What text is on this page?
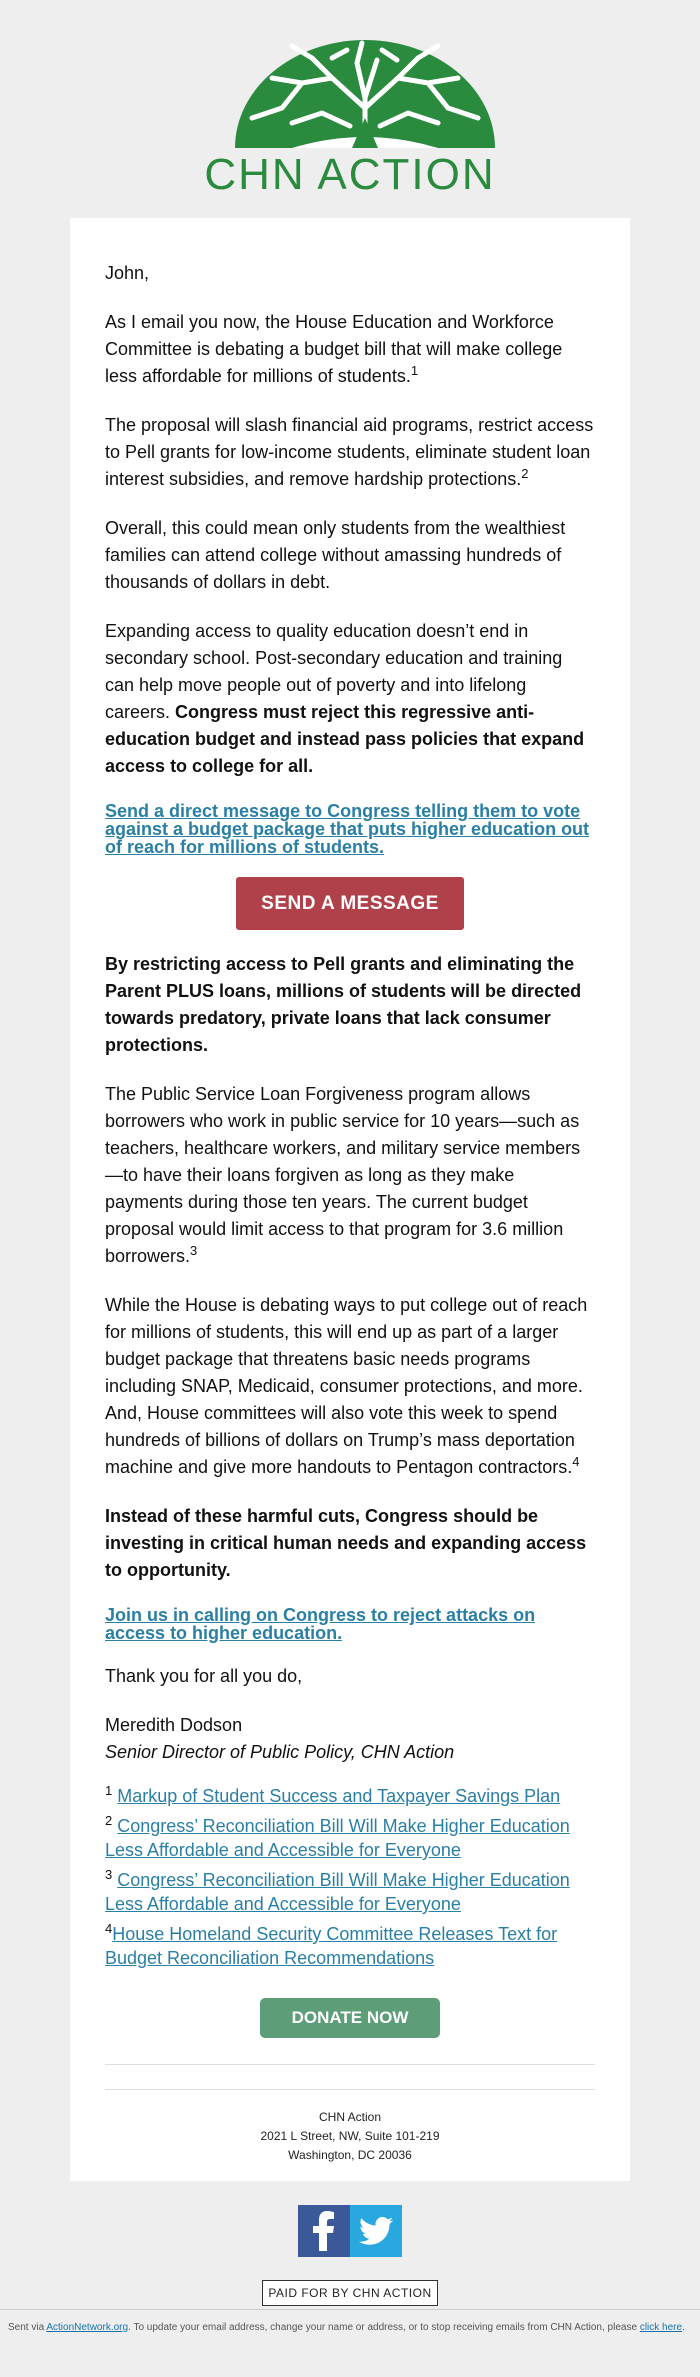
CHN ACTION

John,

As I email you now, the House Education and Workforce Committee is debating a budget bill that will make college less affordable for millions of students.$^1$

The proposal will slash financial aid programs, restrict access to Pell grants for low-income students, eliminate student loan interest subsidies, and remove hardship protections.$^2$

Overall, this could mean only students from the wealthiest families can attend college without amassing hundreds of thousands of dollars in debt.

Expanding access to quality education doesn’t end in secondary school. Post-secondary education and training can help move people out of poverty and into lifelong careers. Congress must reject this regressive anti-education budget and instead pass policies that expand access to college for all.

Send a direct message to Congress telling them to vote against a budget package that puts higher education out of reach for millions of students.
SEND A MESSAGE

By restricting access to Pell grants and eliminating the Parent PLUS loans, millions of students will be directed towards predatory, private loans that lack consumer protections.

The Public Service Loan Forgiveness program allows borrowers who work in public service for 10 years—such as teachers, healthcare workers, and military service members—to have their loans forgiven as long as they make payments during those ten years. The current budget proposal would limit access to that program for 3.6 million borrowers.$^3$

While the House is debating ways to put college out of reach for millions of students, this will end up as part of a larger budget package that threatens basic needs programs including SNAP, Medicaid, consumer protections, and more. And, House committees will also vote this week to spend hundreds of billions of dollars on Trump’s mass deportation machine and give more handouts to Pentagon contractors.$^4$

Instead of these harmful cuts, Congress should be investing in critical human needs and expanding access to opportunity.

Join us in calling on Congress to reject attacks on access to higher education.

Thank you for all you do,

Meredith Dodson
Senior Director of Public Policy, CHN Action

$^1$ Markup of Student Success and Taxpayer Savings Plan
$^2$ Congress’ Reconciliation Bill Will Make Higher Education Less Affordable and Accessible for Everyone
$^3$ Congress’ Reconciliation Bill Will Make Higher Education Less Affordable and Accessible for Everyone
$^4$House Homeland Security Committee Releases Text for Budget Reconciliation Recommendations
DONATE NOW
CHN Action
2021 L Street, NW, Suite 101-219
Washington, DC 20036
PAID FOR BY CHN ACTION
Sent via ActionNetwork.org. To update your email address, change your name or address, or to stop receiving emails from CHN Action, please click here.
